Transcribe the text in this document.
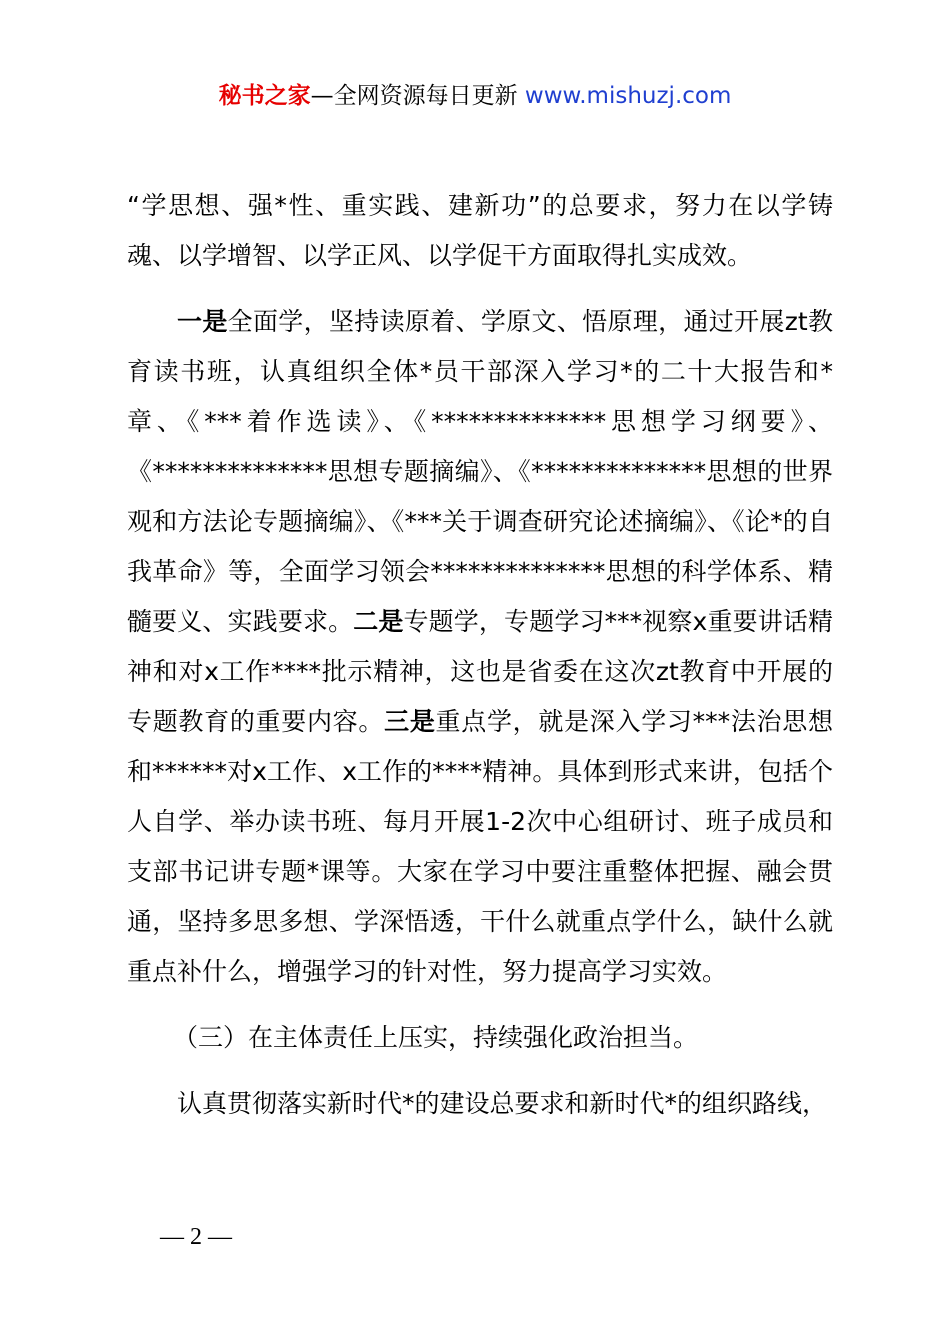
秘书之家—全网资源每日更新 www.mishuzj.com

“学思想、强*性、重实践、建新功”的总要求，努力在以学铸魂、以学增智、以学正风、以学促干方面取得扎实成效。

一是全面学，坚持读原着、学原文、悟原理，通过开展zt教育读书班，认真组织全体*员干部深入学习*的二十大报告和*章、《***着作选读》、《**************思想学习纲要》、《**************思想专题摘编》、《**************思想的世界观和方法论专题摘编》、《***关于调查研究论述摘编》、《论*的自我革命》等，全面学习领会**************思想的科学体系、精髓要义、实践要求。二是专题学，专题学习***视察x重要讲话精神和对x工作****批示精神，这也是省委在这次zt教育中开展的专题教育的重要内容。三是重点学，就是深入学习***法治思想和******对x工作、x工作的****精神。具体到形式来讲，包括个人自学、举办读书班、每月开展1-2次中心组研讨、班子成员和支部书记讲专题*课等。大家在学习中要注重整体把握、融会贯通，坚持多思多想、学深悟透，干什么就重点学什么，缺什么就重点补什么，增强学习的针对性，努力提高学习实效。

（三）在主体责任上压实，持续强化政治担当。

认真贯彻落实新时代*的建设总要求和新时代*的组织路线，

— 2 —
